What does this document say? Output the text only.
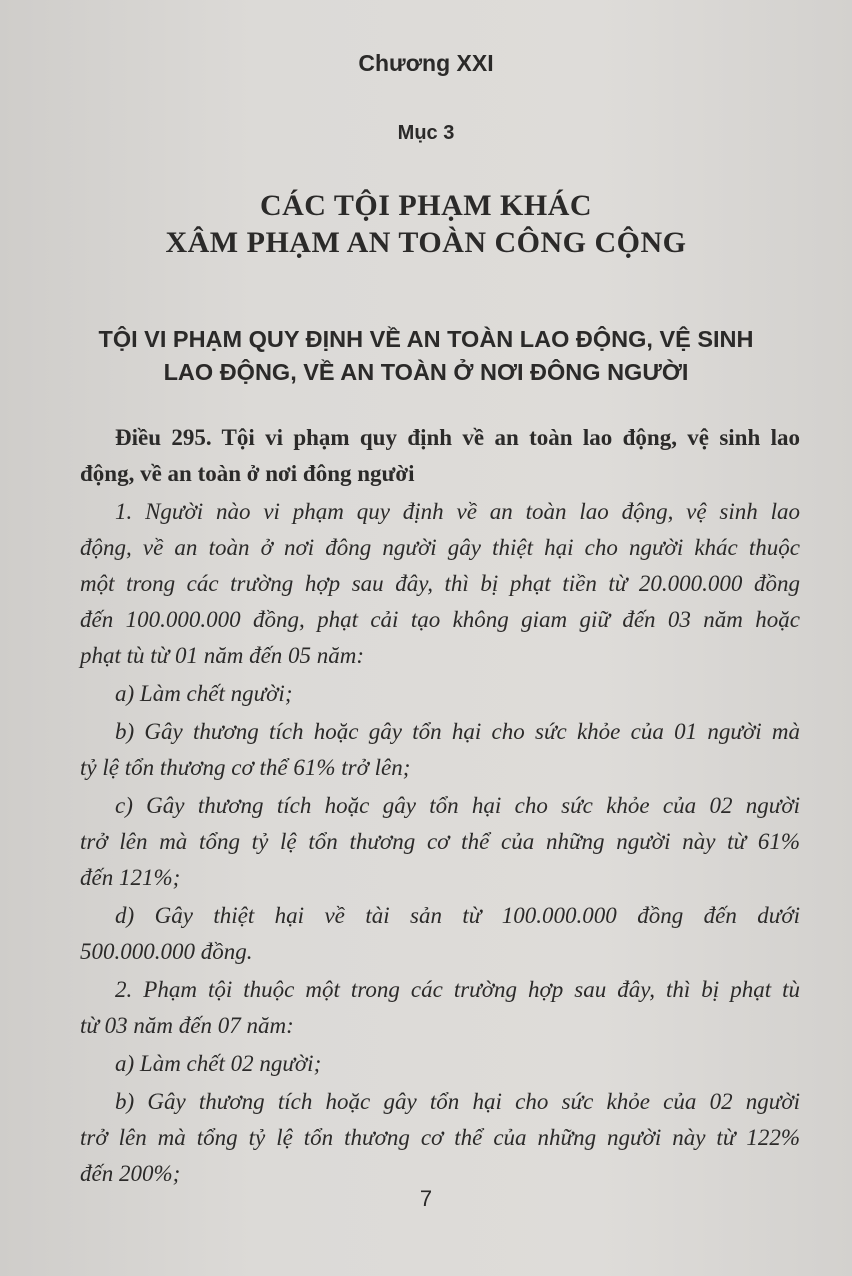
Chương XXI
Mục 3
CÁC TỘI PHẠM KHÁC
XÂM PHẠM AN TOÀN CÔNG CỘNG
TỘI VI PHẠM QUY ĐỊNH VỀ AN TOÀN LAO ĐỘNG, VỆ SINH
LAO ĐỘNG, VỀ AN TOÀN Ở NƠI ĐÔNG NGƯỜI
Điều 295. Tội vi phạm quy định về an toàn lao động, vệ sinh lao
động, về an toàn ở nơi đông người
1. Người nào vi phạm quy định về an toàn lao động, vệ sinh lao
động, về an toàn ở nơi đông người gây thiệt hại cho người khác thuộc
một trong các trường hợp sau đây, thì bị phạt tiền từ 20.000.000 đồng
đến 100.000.000 đồng, phạt cải tạo không giam giữ đến 03 năm hoặc
phạt tù từ 01 năm đến 05 năm:
a) Làm chết người;
b) Gây thương tích hoặc gây tổn hại cho sức khỏe của 01 người mà
tỷ lệ tổn thương cơ thể 61% trở lên;
c) Gây thương tích hoặc gây tổn hại cho sức khỏe của 02 người
trở lên mà tổng tỷ lệ tổn thương cơ thể của những người này từ 61%
đến 121%;
d) Gây thiệt hại về tài sản từ 100.000.000 đồng đến dưới
500.000.000 đồng.
2. Phạm tội thuộc một trong các trường hợp sau đây, thì bị phạt tù
từ 03 năm đến 07 năm:
a) Làm chết 02 người;
b) Gây thương tích hoặc gây tổn hại cho sức khỏe của 02 người
trở lên mà tổng tỷ lệ tổn thương cơ thể của những người này từ 122%
đến 200%;
7
